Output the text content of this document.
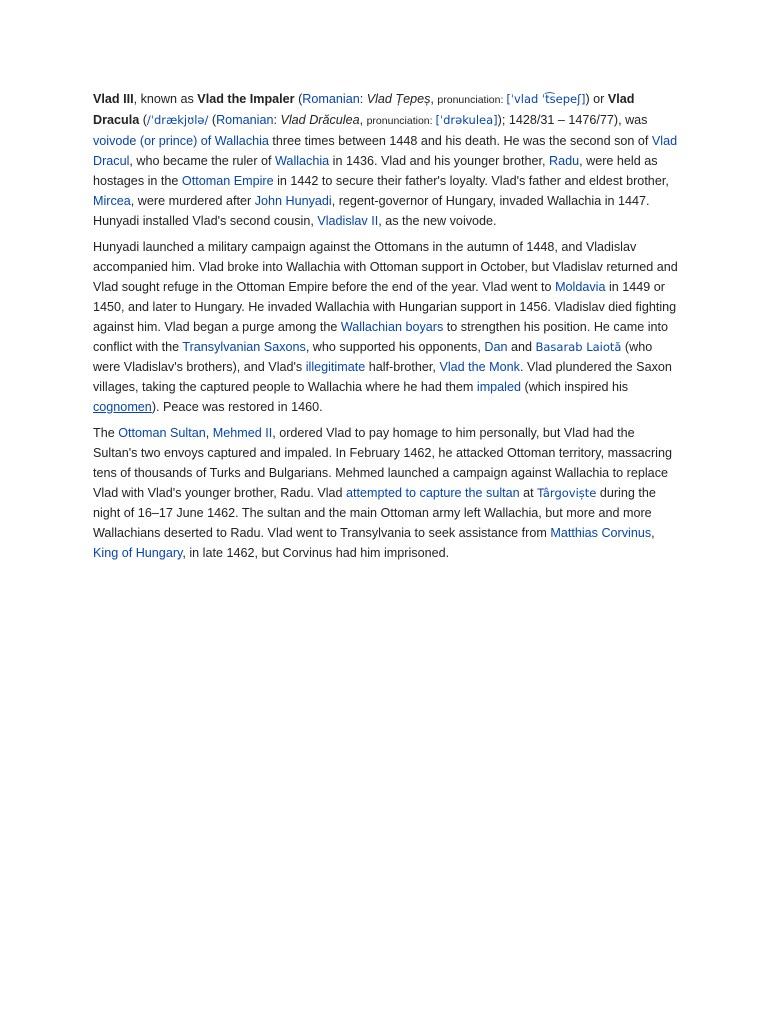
Vlad III, known as Vlad the Impaler (Romanian: Vlad Țepeș, pronunciation: [ˈvlad ˈt͡sepeʃ]) or Vlad Dracula (/ˈdrækjʊlə/ (Romanian: Vlad Drăculea, pronunciation: [ˈdrəkulea]); 1428/31 – 1476/77), was voivode (or prince) of Wallachia three times between 1448 and his death. He was the second son of Vlad Dracul, who became the ruler of Wallachia in 1436. Vlad and his younger brother, Radu, were held as hostages in the Ottoman Empire in 1442 to secure their father's loyalty. Vlad's father and eldest brother, Mircea, were murdered after John Hunyadi, regent-governor of Hungary, invaded Wallachia in 1447. Hunyadi installed Vlad's second cousin, Vladislav II, as the new voivode.

Hunyadi launched a military campaign against the Ottomans in the autumn of 1448, and Vladislav accompanied him. Vlad broke into Wallachia with Ottoman support in October, but Vladislav returned and Vlad sought refuge in the Ottoman Empire before the end of the year. Vlad went to Moldavia in 1449 or 1450, and later to Hungary. He invaded Wallachia with Hungarian support in 1456. Vladislav died fighting against him. Vlad began a purge among the Wallachian boyars to strengthen his position. He came into conflict with the Transylvanian Saxons, who supported his opponents, Dan and Basarab Laiotă (who were Vladislav's brothers), and Vlad's illegitimate half-brother, Vlad the Monk. Vlad plundered the Saxon villages, taking the captured people to Wallachia where he had them impaled (which inspired his cognomen). Peace was restored in 1460.

The Ottoman Sultan, Mehmed II, ordered Vlad to pay homage to him personally, but Vlad had the Sultan's two envoys captured and impaled. In February 1462, he attacked Ottoman territory, massacring tens of thousands of Turks and Bulgarians. Mehmed launched a campaign against Wallachia to replace Vlad with Vlad's younger brother, Radu. Vlad attempted to capture the sultan at Târgoviște during the night of 16–17 June 1462. The sultan and the main Ottoman army left Wallachia, but more and more Wallachians deserted to Radu. Vlad went to Transylvania to seek assistance from Matthias Corvinus, King of Hungary, in late 1462, but Corvinus had him imprisoned.
